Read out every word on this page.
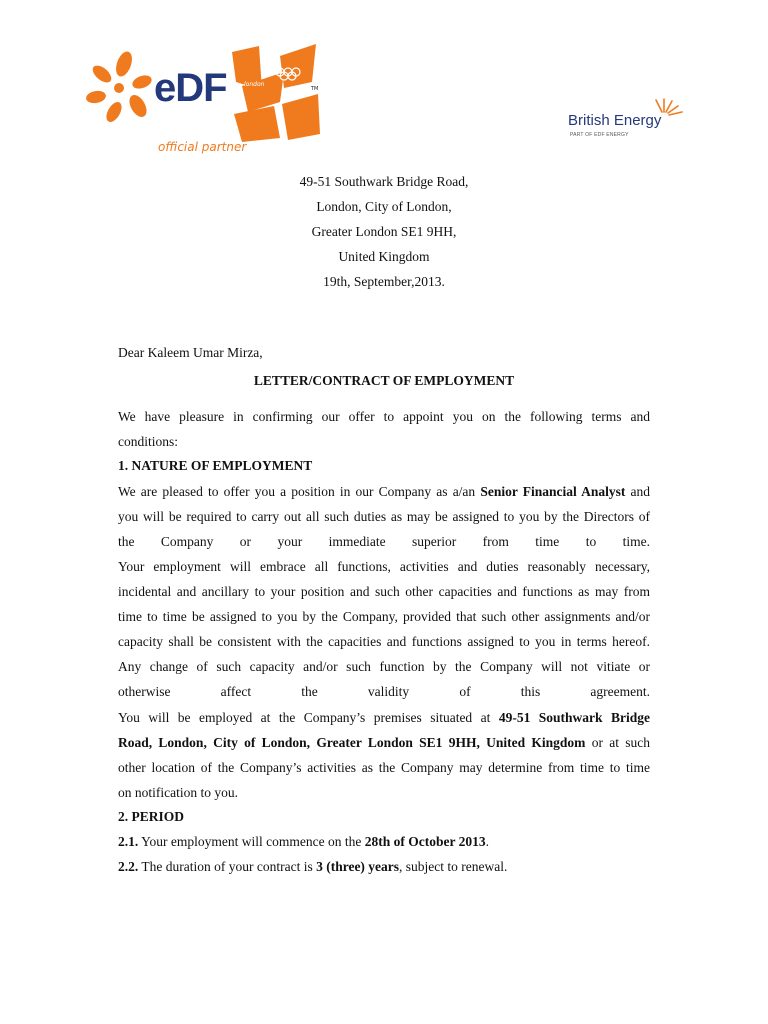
eDF	london
TM
official partner
British Energy
PART OF EDF ENERGY
49-51 Southwark Bridge Road,
London, City of London,
Greater London SE1 9HH,
United Kingdom
19th, September,2013.
Dear Kaleem Umar Mirza,
LETTER/CONTRACT OF EMPLOYMENT
We have pleasure in confirming our offer to appoint you on the following terms and
conditions:
1. NATURE OF EMPLOYMENT
We are pleased to offer you a position in our Company as a/an Senior Financial Analyst and
you will be required to carry out all such duties as may be assigned to you by the Directors of
the Company or your immediate superior from time to time.
Your employment will embrace all functions, activities and duties reasonably necessary,
incidental and ancillary to your position and such other capacities and functions as may from
time to time be assigned to you by the Company, provided that such other assignments and/or
capacity shall be consistent with the capacities and functions assigned to you in terms hereof.
Any change of such capacity and/or such function by the Company will not vitiate or
otherwise affect the validity of this agreement.
You will be employed at the Company’s premises situated at 49-51 Southwark Bridge
Road, London, City of London, Greater London SE1 9HH, United Kingdom or at such
other location of the Company’s activities as the Company may determine from time to time
on notification to you.
2. PERIOD
2.1. Your employment will commence on the 28th of October 2013.
2.2. The duration of your contract is 3 (three) years, subject to renewal.
